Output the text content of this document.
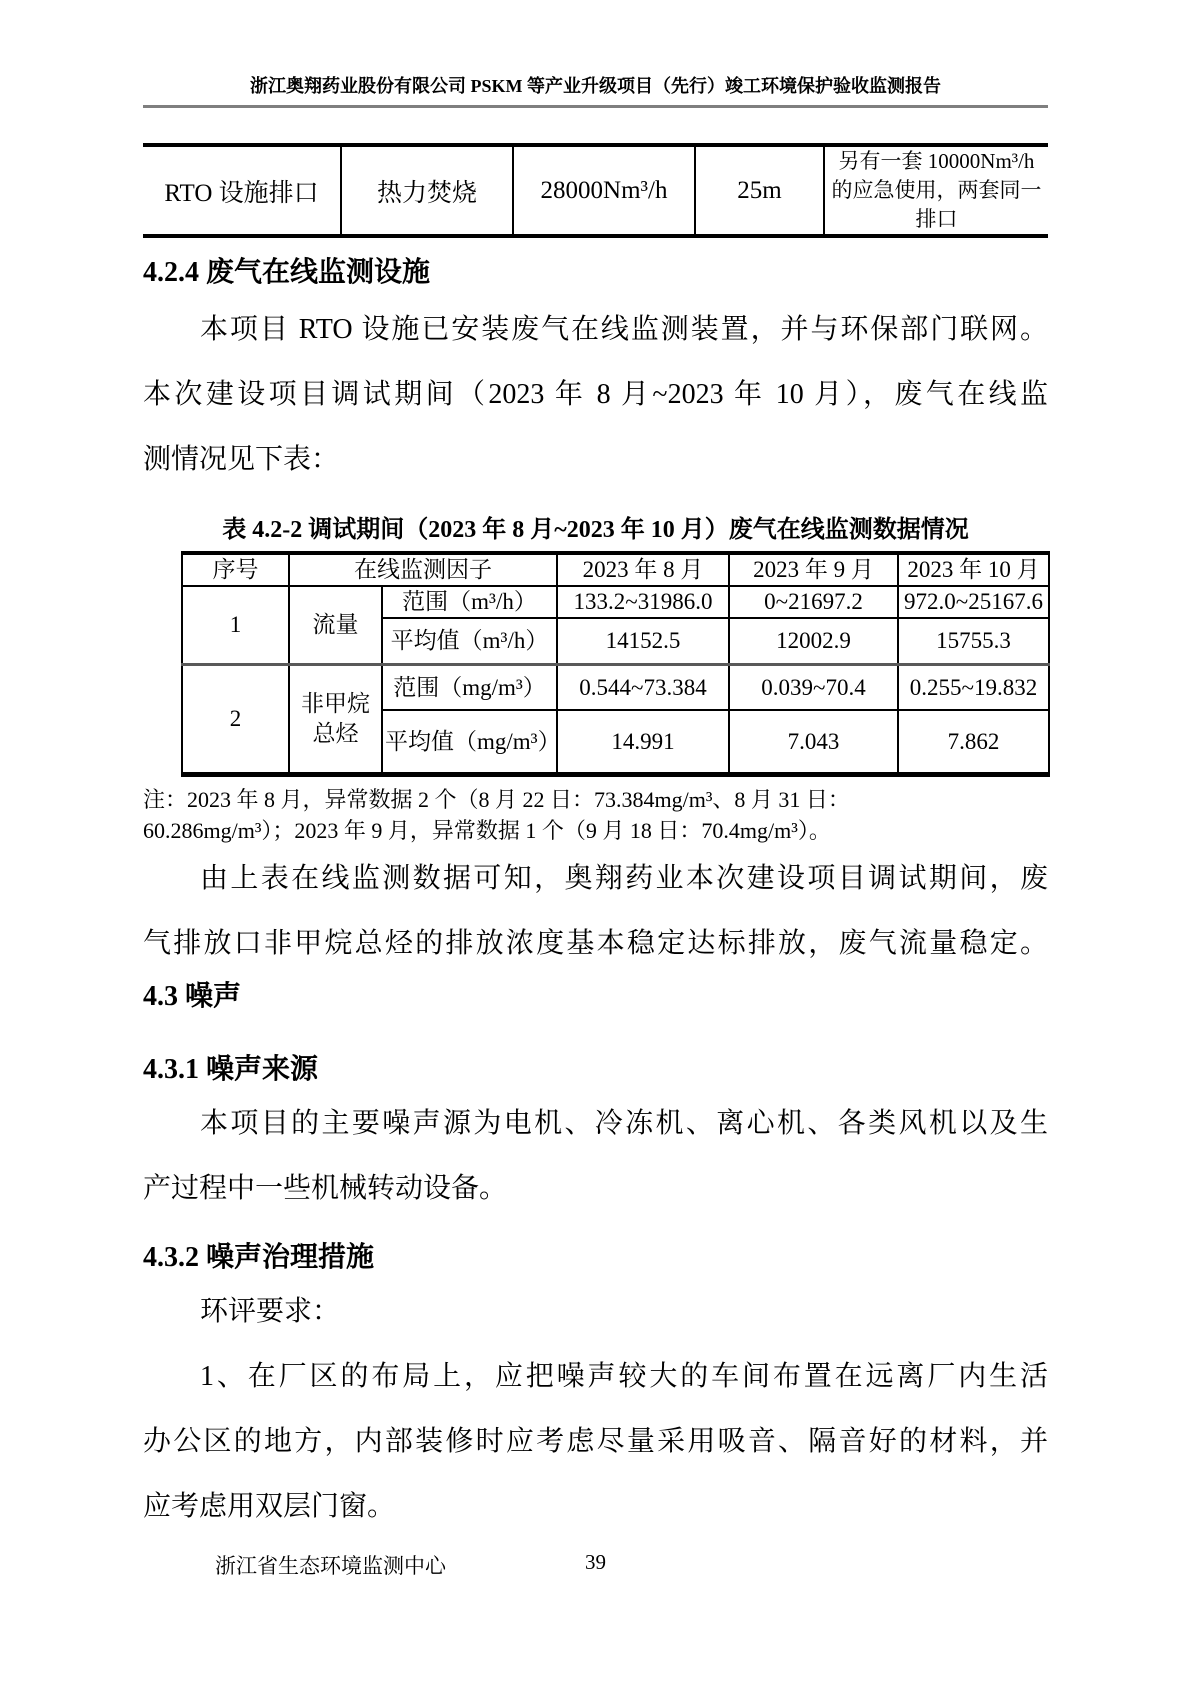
浙江奥翔药业股份有限公司 PSKM 等产业升级项目（先行）竣工环境保护验收监测报告
RTO 设施排口	热力焚烧	28000Nm³/h	25m	另有一套 10000Nm³/h 的应急使用，两套同一排口
4.2.4 废气在线监测设施
本项目 RTO 设施已安装废气在线监测装置，并与环保部门联网。
本次建设项目调试期间（2023 年 8 月~2023 年 10 月），废气在线监
测情况见下表：
表 4.2-2 调试期间（2023 年 8 月~2023 年 10 月）废气在线监测数据情况
序号	在线监测因子		2023 年 8 月	2023 年 9 月	2023 年 10 月
1	流量	范围（m³/h）	133.2~31986.0	0~21697.2	972.0~25167.6
		平均值（m³/h）	14152.5	12002.9	15755.3
2	非甲烷总烃	范围（mg/m³）	0.544~73.384	0.039~70.4	0.255~19.832
		平均值（mg/m³）	14.991	7.043	7.862
注：2023 年 8 月，异常数据 2 个（8 月 22 日：73.384mg/m³、8 月 31 日：
60.286mg/m³）；2023 年 9 月，异常数据 1 个（9 月 18 日：70.4mg/m³）。
由上表在线监测数据可知，奥翔药业本次建设项目调试期间，废
气排放口非甲烷总烃的排放浓度基本稳定达标排放，废气流量稳定。
4.3 噪声
4.3.1 噪声来源
本项目的主要噪声源为电机、冷冻机、离心机、各类风机以及生
产过程中一些机械转动设备。
4.3.2 噪声治理措施
环评要求：
1、在厂区的布局上，应把噪声较大的车间布置在远离厂内生活
办公区的地方，内部装修时应考虑尽量采用吸音、隔音好的材料，并
应考虑用双层门窗。
39
浙江省生态环境监测中心
